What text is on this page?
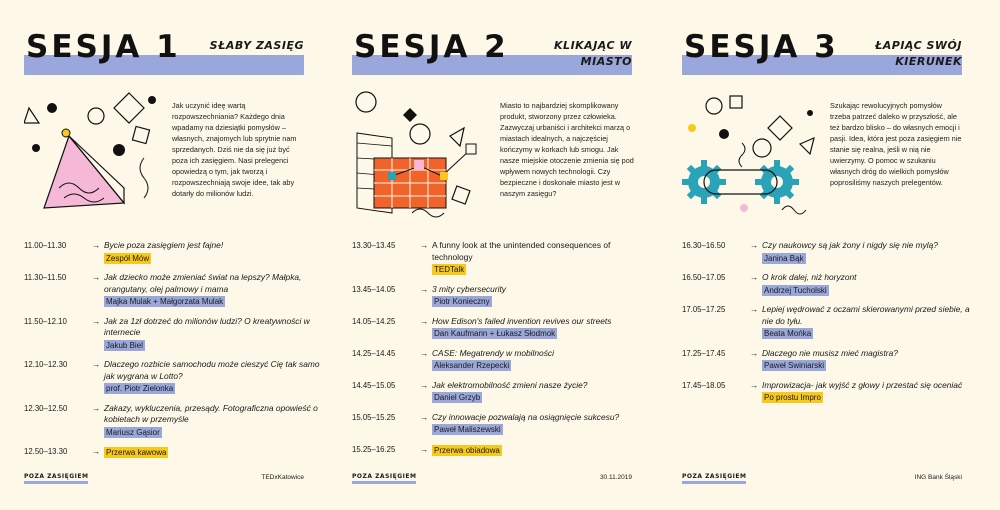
SESJA 1	SŁABY ZASIĘG
Jak uczynić ideę wartą rozpowszechniania? Każdego dnia wpadamy na dziesiątki pomysłów – własnych, znajomych lub sprytnie nam sprzedanych. Dziś nie da się już być poza ich zasięgiem. Nasi prelegenci opowiedzą o tym, jak tworzą i rozpowszechniają swoje idee, tak aby dotarły do milionów ludzi.
11.00–11.30	→ Bycie poza zasięgiem jest fajne!
Zespół Mów
11.30–11.50	→ Jak dziecko może zmieniać świat na lepszy? Małpka, orangutany, olej palmowy i mama
Majka Mulak + Małgorzata Mulak
11.50–12.10	→ Jak za 1zł dotrzeć do milionów ludzi? O kreatywności w internecie
Jakub Biel
12.10–12.30	→ Dlaczego rozbicie samochodu może cieszyć Cię tak samo jak wygrana w Lotto?
prof. Piotr Zielonka
12.30–12.50	→ Zakazy, wykluczenia, przesądy. Fotograficzna opowieść o kobietach w przemyśle
Mariusz Gąsior
12.50–13.30	→ Przerwa kawowa
POZA ZASIĘGIEM	TEDxKatowice
SESJA 2	KLIKAJĄC W MIASTO
Miasto to najbardziej skomplikowany produkt, stworzony przez człowieka. Zazwyczaj urbaniści i architekci marzą o miastach idealnych, a najczęściej kończymy w korkach lub smogu. Jak nasze miejskie otoczenie zmienia się pod wpływem nowych technologii. Czy bezpieczne i doskonałe miasto jest w naszym zasięgu?
13.30–13.45	→ A funny look at the unintended consequences of technology
TEDTalk
13.45–14.05	→ 3 mity cybersecurity
Piotr Konieczny
14.05–14.25	→ How Edison's failed invention revives our streets
Dan Kaufmann + Łukasz Słodmok
14.25–14.45	→ CASE: Megatrendy w mobilności
Aleksander Rzepecki
14.45–15.05	→ Jak elektromobilność zmieni nasze życie?
Daniel Grzyb
15.05–15.25	→ Czy innowacje pozwalają na osiągnięcie sukcesu?
Paweł Maliszewski
15.25–16.25	→ Przerwa obiadowa
POZA ZASIĘGIEM	30.11.2019
SESJA 3	ŁAPIĄC SWÓJ KIERUNEK
Szukając rewolucyjnych pomysłów trzeba patrzeć daleko w przyszłość, ale też bardzo blisko – do własnych emocji i pasji. Idea, która jest poza zasięgiem nie stanie się realna, jeśli w nią nie uwierzymy. O pomoc w szukaniu własnych dróg do wielkich pomysłów poprosiliśmy naszych prelegentów.
16.30–16.50	→ Czy naukowcy są jak żony i nigdy się nie mylą?
Janina Bąk
16.50–17.05	→ O krok dalej, niż horyzont
Andrzej Tucholski
17.05–17.25	→ Lepiej wędrować z oczami skierowanymi przed siebie, a nie do tyłu.
Beata Mońka
17.25–17.45	→ Dlaczego nie musisz mieć magistra?
Paweł Swiniarski
17.45–18.05	→ Improwizacja- jak wyjść z głowy i przestać się oceniać
Po prostu Impro
POZA ZASIĘGIEM	ING Bank Śląski
